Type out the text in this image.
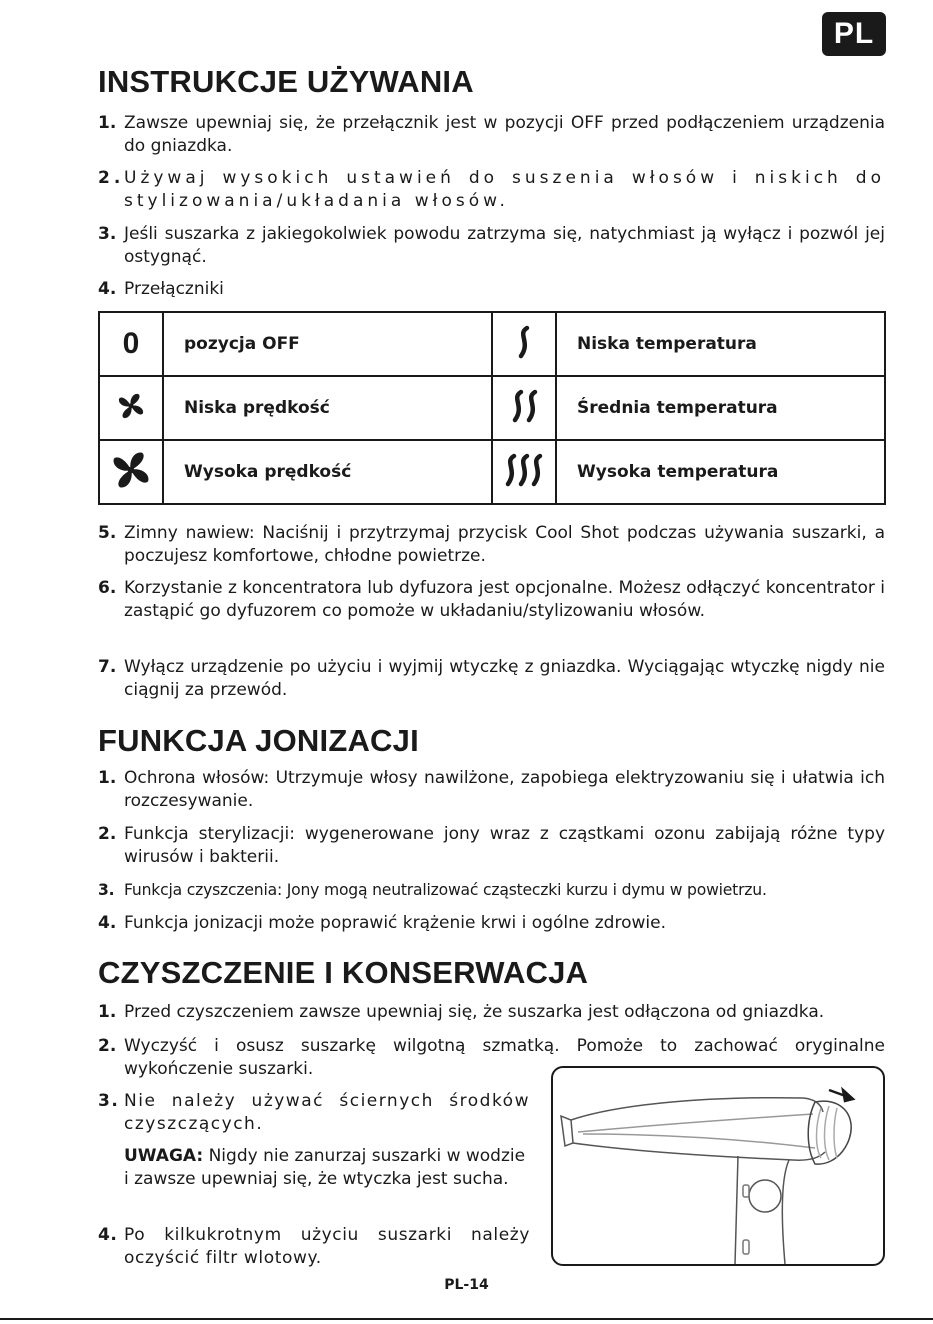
PL
INSTRUKCJE UŻYWANIA
1. Zawsze upewniaj się, że przełącznik jest w pozycji OFF przed podłączeniem urządzenia do gniazdka.
2. Używaj wysokich ustawień do suszenia włosów i niskich do stylizowania/układania włosów.
3. Jeśli suszarka z jakiegokolwiek powodu zatrzyma się, natychmiast ją wyłącz i pozwól jej ostygnąć.
4. Przełączniki
0	pozycja OFF		Niska temperatura
	Niska prędkość		Średnia temperatura
	Wysoka prędkość		Wysoka temperatura
5. Zimny nawiew: Naciśnij i przytrzymaj przycisk Cool Shot podczas używania suszarki, a poczujesz komfortowe, chłodne powietrze.
6. Korzystanie z koncentratora lub dyfuzora jest opcjonalne. Możesz odłączyć koncentrator i zastąpić go dyfuzorem co pomoże w układaniu/stylizowaniu włosów.
7. Wyłącz urządzenie po użyciu i wyjmij wtyczkę z gniazdka. Wyciągając wtyczkę nigdy nie ciągnij za przewód.
FUNKCJA JONIZACJI
1. Ochrona włosów: Utrzymuje włosy nawilżone, zapobiega elektryzowaniu się i ułatwia ich rozczesywanie.
2. Funkcja sterylizacji: wygenerowane jony wraz z cząstkami ozonu zabijają różne typy wirusów i bakterii.
3. Funkcja czyszczenia: Jony mogą neutralizować cząsteczki kurzu i dymu w powietrzu.
4. Funkcja jonizacji może poprawić krążenie krwi i ogólne zdrowie.
CZYSZCZENIE I KONSERWACJA
1. Przed czyszczeniem zawsze upewniaj się, że suszarka jest odłączona od gniazdka.
2. Wyczyść i osusz suszarkę wilgotną szmatką. Pomoże to zachować oryginalne wykończenie suszarki.
3. Nie należy używać ściernych środków czyszczących.
UWAGA: Nigdy nie zanurzaj suszarki w wodzie i zawsze upewniaj się, że wtyczka jest sucha.
4. Po kilkukrotnym użyciu suszarki należy oczyścić filtr wlotowy.
PL-14
